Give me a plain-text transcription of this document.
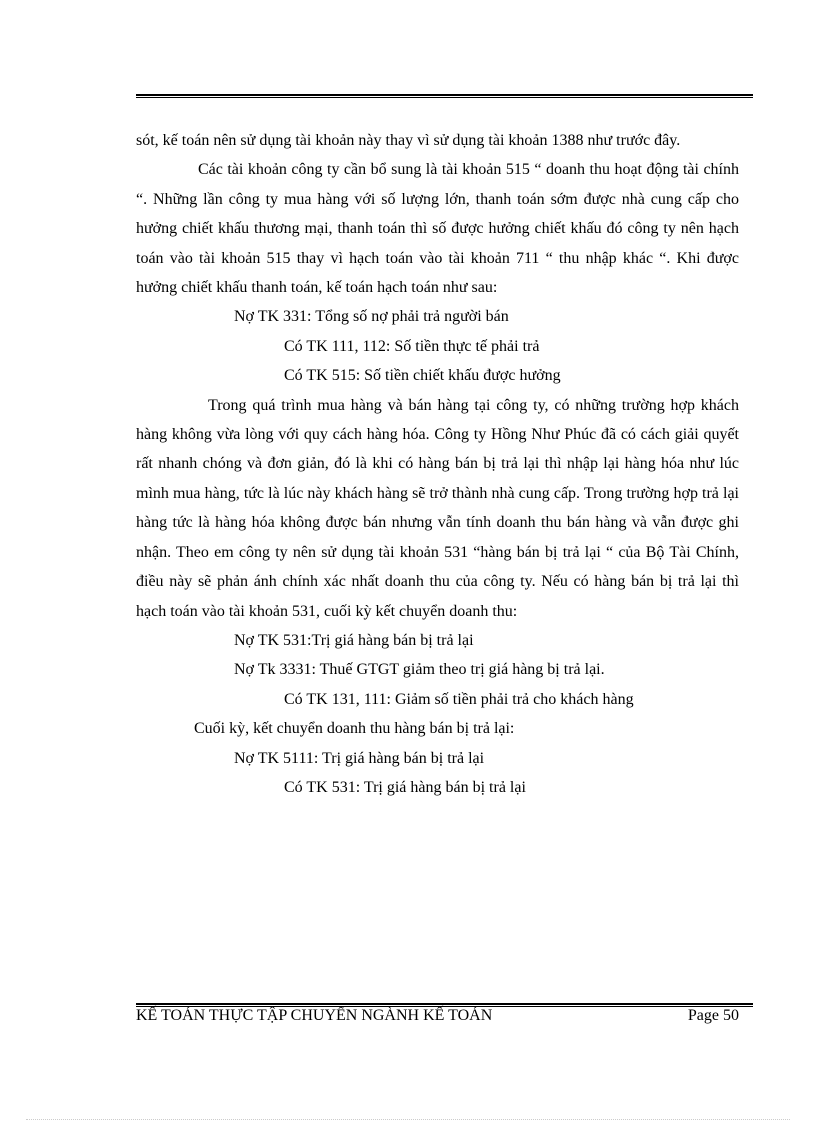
sót, kế toán nên sử dụng tài khoản này thay vì sử dụng tài khoản 1388 như trước đây.

Các tài khoản công ty cần bổ sung là tài khoản 515 “ doanh thu hoạt động tài chính “. Những lần công ty mua hàng với số lượng lớn, thanh toán sớm được nhà cung cấp cho hưởng chiết khấu thương mại, thanh toán thì số được hưởng chiết khấu đó công ty nên hạch toán vào tài khoản 515 thay vì hạch toán vào tài khoản 711 “ thu nhập khác “. Khi được hưởng chiết khấu thanh toán, kế toán hạch toán như sau:

Nợ TK 331: Tổng số nợ phải trả người bán

Có TK 111, 112: Số tiền thực tế phải trả

Có TK 515: Số tiền chiết khấu được hưởng

Trong quá trình mua hàng và bán hàng tại công ty, có những trường hợp khách hàng không vừa lòng với quy cách hàng hóa. Công ty Hồng Như Phúc đã có cách giải quyết rất nhanh chóng và đơn giản, đó là khi có hàng bán bị trả lại thì nhập lại hàng hóa như lúc mình mua hàng, tức là lúc này khách hàng sẽ trở thành nhà cung cấp. Trong trường hợp trả lại hàng tức là hàng hóa không được bán nhưng vẫn tính doanh thu bán hàng và vẫn được ghi nhận. Theo em công ty nên sử dụng tài khoản 531 “hàng bán bị trả lại “ của Bộ Tài Chính, điều này sẽ phản ánh chính xác nhất doanh thu của công ty. Nếu có hàng bán bị trả lại thì hạch toán vào tài khoản 531, cuối kỳ kết chuyển doanh thu:

Nợ TK 531:Trị giá hàng bán bị trả lại

Nợ Tk 3331: Thuế GTGT giảm theo trị giá hàng bị trả lại.

Có TK 131, 111: Giảm số tiền phải trả cho khách hàng

Cuối kỳ, kết chuyển doanh thu hàng bán bị trả lại:

Nợ TK 5111: Trị giá hàng bán bị trả lại

Có TK 531: Trị giá hàng bán bị trả lại

KẾ TOÁN THỰC TẬP CHUYỂN NGÀNH KẾ TOÁN	Page 50
